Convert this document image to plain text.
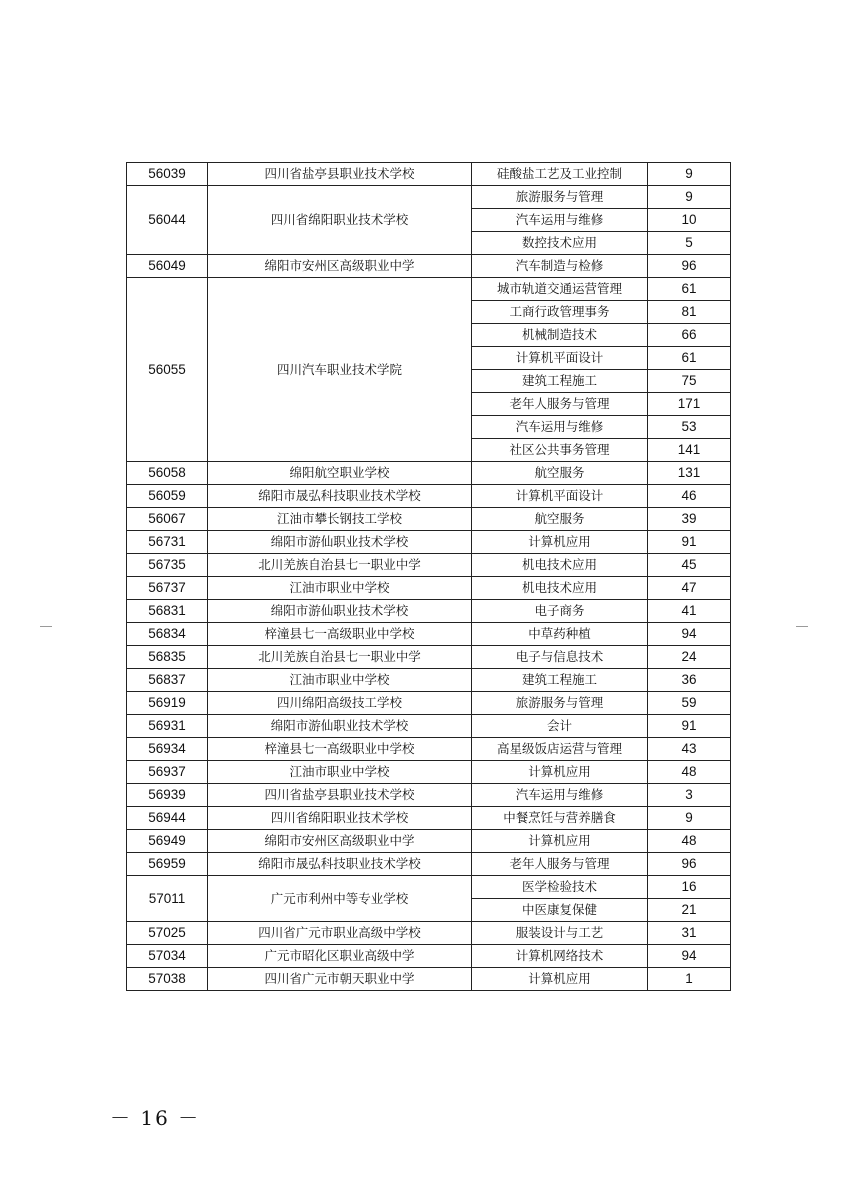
56039	四川省盐亭县职业技术学校	硅酸盐工艺及工业控制	9
56044	四川省绵阳职业技术学校	旅游服务与管理	9
		汽车运用与维修	10
		数控技术应用	5
56049	绵阳市安州区高级职业中学	汽车制造与检修	96
56055	四川汽车职业技术学院	城市轨道交通运营管理	61
		工商行政管理事务	81
		机械制造技术	66
		计算机平面设计	61
		建筑工程施工	75
		老年人服务与管理	171
		汽车运用与维修	53
		社区公共事务管理	141
56058	绵阳航空职业学校	航空服务	131
56059	绵阳市晟弘科技职业技术学校	计算机平面设计	46
56067	江油市攀长钢技工学校	航空服务	39
56731	绵阳市游仙职业技术学校	计算机应用	91
56735	北川羌族自治县七一职业中学	机电技术应用	45
56737	江油市职业中学校	机电技术应用	47
56831	绵阳市游仙职业技术学校	电子商务	41
56834	梓潼县七一高级职业中学校	中草药种植	94
56835	北川羌族自治县七一职业中学	电子与信息技术	24
56837	江油市职业中学校	建筑工程施工	36
56919	四川绵阳高级技工学校	旅游服务与管理	59
56931	绵阳市游仙职业技术学校	会计	91
56934	梓潼县七一高级职业中学校	高星级饭店运营与管理	43
56937	江油市职业中学校	计算机应用	48
56939	四川省盐亭县职业技术学校	汽车运用与维修	3
56944	四川省绵阳职业技术学校	中餐烹饪与营养膳食	9
56949	绵阳市安州区高级职业中学	计算机应用	48
56959	绵阳市晟弘科技职业技术学校	老年人服务与管理	96
57011	广元市利州中等专业学校	医学检验技术	16
		中医康复保健	21
57025	四川省广元市职业高级中学校	服装设计与工艺	31
57034	广元市昭化区职业高级中学	计算机网络技术	94
57038	四川省广元市朝天职业中学	计算机应用	1
－ 16 －
